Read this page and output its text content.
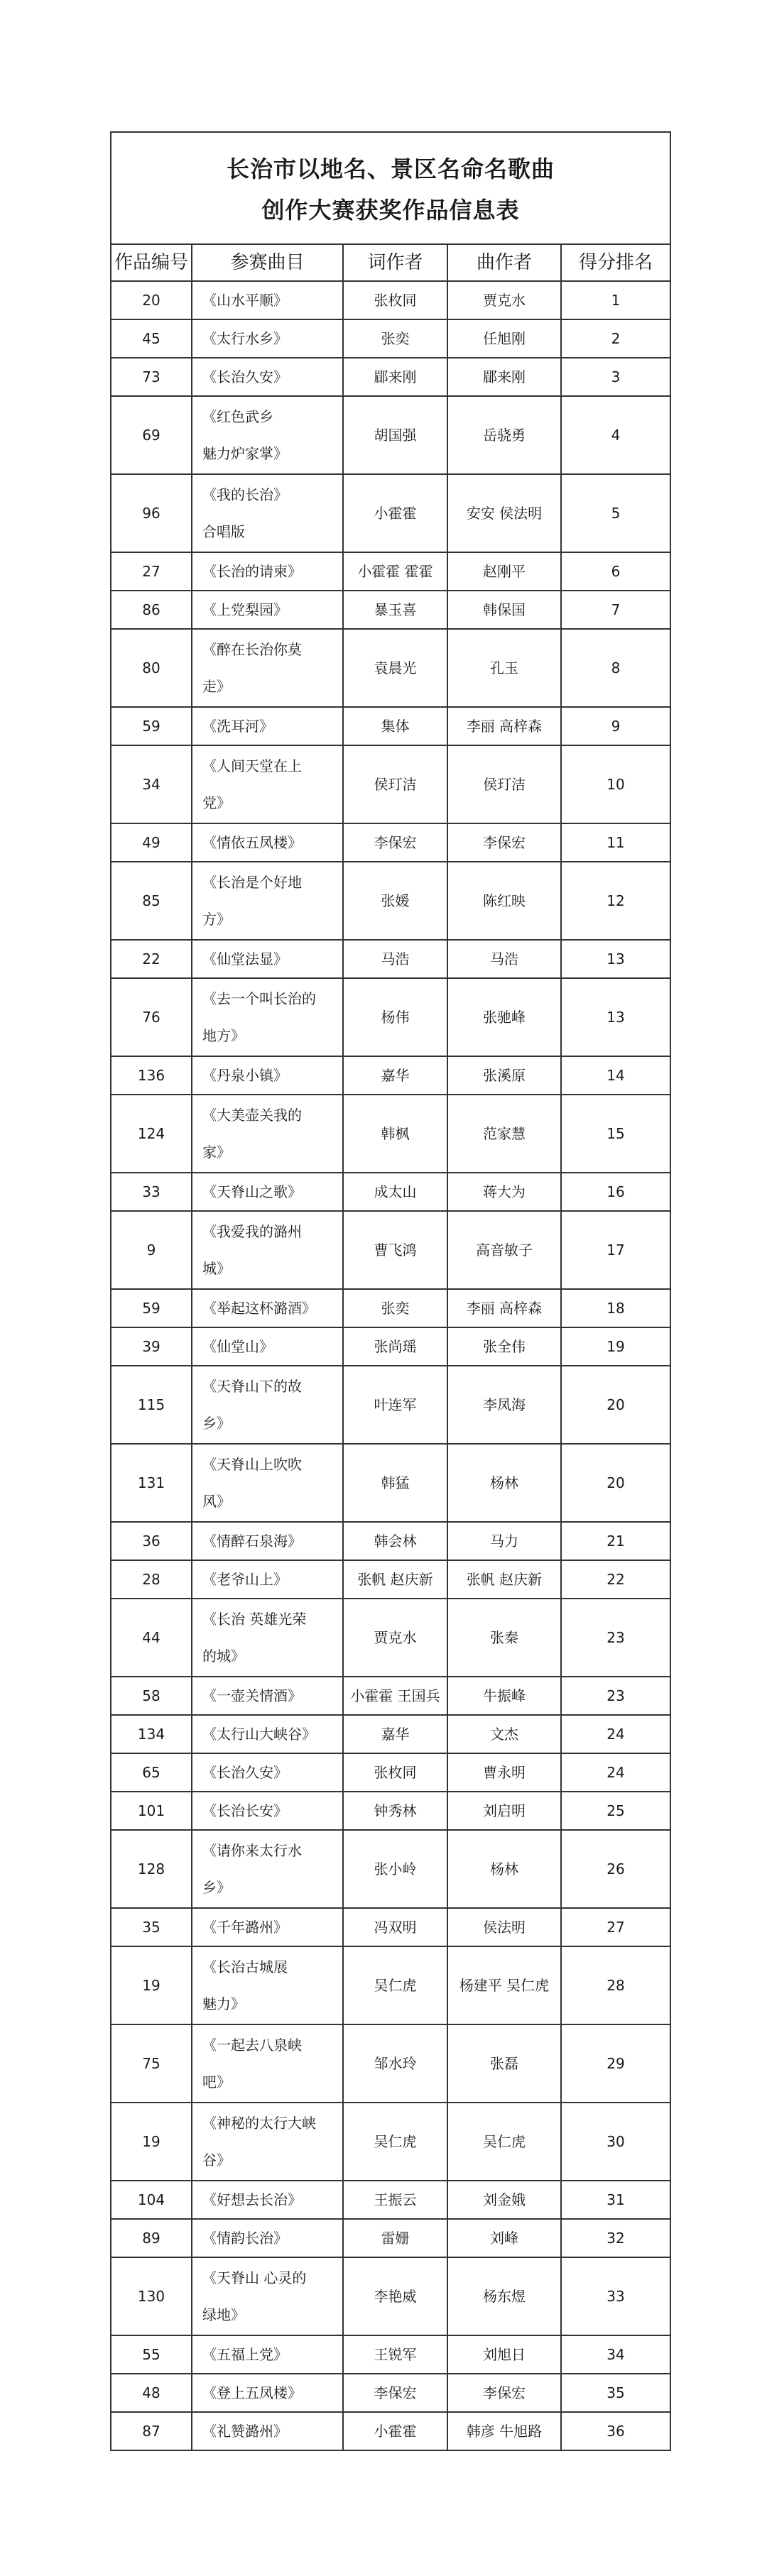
长治市以地名、景区名命名歌曲
创作大赛获奖作品信息表				

作品编号	参赛曲目	词作者	曲作者	得分排名
20	《山水平顺》	张枚同	贾克水	1
45	《太行水乡》	张奕	任旭刚	2
73	《长治久安》	郿来刚	郿来刚	3
69	《红色武乡
魅力炉家掌》	胡国强	岳骁勇	4
96	《我的长治》
合唱版	小霍霍	安安 侯法明	5
27	《长治的请柬》	小霍霍 霍霍	赵刚平	6
86	《上党梨园》	暴玉喜	韩保国	7
80	《醉在长治你莫
走》	袁晨光	孔玉	8
59	《洗耳河》	集体	李丽 高梓森	9
34	《人间天堂在上
党》	侯玎洁	侯玎洁	10
49	《情依五凤楼》	李保宏	李保宏	11
85	《长治是个好地
方》	张媛	陈红映	12
22	《仙堂法显》	马浩	马浩	13
76	《去一个叫长治的
地方》	杨伟	张驰峰	13
136	《丹泉小镇》	嘉华	张溪原	14
124	《大美壶关我的
家》	韩枫	范家慧	15
33	《天脊山之歌》	成太山	蒋大为	16
9	《我爱我的潞州
城》	曹飞鸿	高音敏子	17
59	《举起这杯潞酒》	张奕	李丽 高梓森	18
39	《仙堂山》	张尚瑶	张全伟	19
115	《天脊山下的故
乡》	叶连军	李凤海	20
131	《天脊山上吹吹
风》	韩猛	杨林	20
36	《情醉石泉海》	韩会林	马力	21
28	《老爷山上》	张帆 赵庆新	张帆 赵庆新	22
44	《长治 英雄光荣
的城》	贾克水	张秦	23
58	《一壶关情酒》	小霍霍 王国兵	牛振峰	23
134	《太行山大峡谷》	嘉华	文杰	24
65	《长治久安》	张枚同	曹永明	24
101	《长治长安》	钟秀林	刘启明	25
128	《请你来太行水
乡》	张小岭	杨林	26
35	《千年潞州》	冯双明	侯法明	27
19	《长治古城展
魅力》	吴仁虎	杨建平 吴仁虎	28
75	《一起去八泉峡
吧》	邹水玲	张磊	29
19	《神秘的太行大峡
谷》	吴仁虎	吴仁虎	30
104	《好想去长治》	王振云	刘金娥	31
89	《情韵长治》	雷姗	刘峰	32
130	《天脊山 心灵的
绿地》	李艳威	杨东煜	33
55	《五福上党》	王锐军	刘旭日	34
48	《登上五凤楼》	李保宏	李保宏	35
87	《礼赞潞州》	小霍霍	韩彦 牛旭路	36
